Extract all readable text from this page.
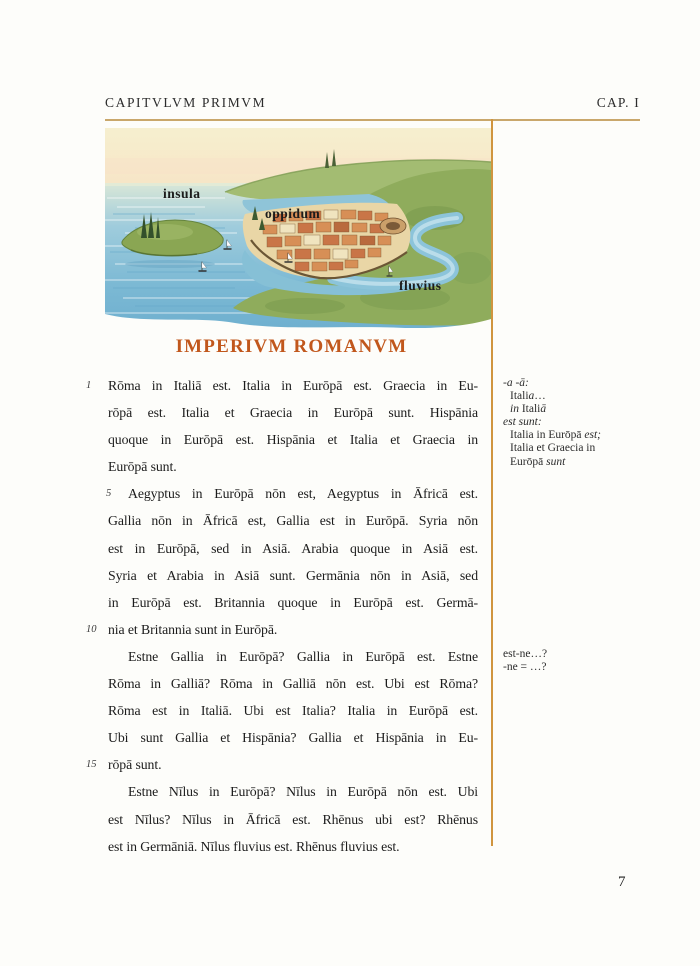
CAPITVLVM PRIMVM	CAP. I
insula
oppidum
fluvius
IMPERIVM ROMANVM
1	Rōma in Italiā est. Italia in Eurōpā est. Graecia in Eu-
rōpā est. Italia et Graecia in Eurōpā sunt. Hispānia
quoque in Eurōpā est. Hispānia et Italia et Graecia in
Eurōpā sunt.
5 Aegyptus in Eurōpā nōn est, Aegyptus in Āfricā est.
Gallia nōn in Āfricā est, Gallia est in Eurōpā. Syria nōn
est in Eurōpā, sed in Asiā. Arabia quoque in Asiā est.
Syria et Arabia in Asiā sunt. Germānia nōn in Asiā, sed
in Eurōpā est. Britannia quoque in Eurōpā est. Germā-
10 nia et Britannia sunt in Eurōpā.
Estne Gallia in Eurōpā? Gallia in Eurōpā est. Estne
Rōma in Galliā? Rōma in Galliā nōn est. Ubi est Rōma?
Rōma est in Italiā. Ubi est Italia? Italia in Eurōpā est.
Ubi sunt Gallia et Hispānia? Gallia et Hispānia in Eu-
15 rōpā sunt.
Estne Nīlus in Eurōpā? Nīlus in Eurōpā nōn est. Ubi
est Nīlus? Nīlus in Āfricā est. Rhēnus ubi est? Rhēnus
est in Germāniā. Nīlus fluvius est. Rhēnus fluvius est.
-a -ā:
Italia…
in Italiā
est sunt:
Italia in Eurōpā est;
Italia et Graecia in
Eurōpā sunt
est-ne…?
-ne = …?
7
